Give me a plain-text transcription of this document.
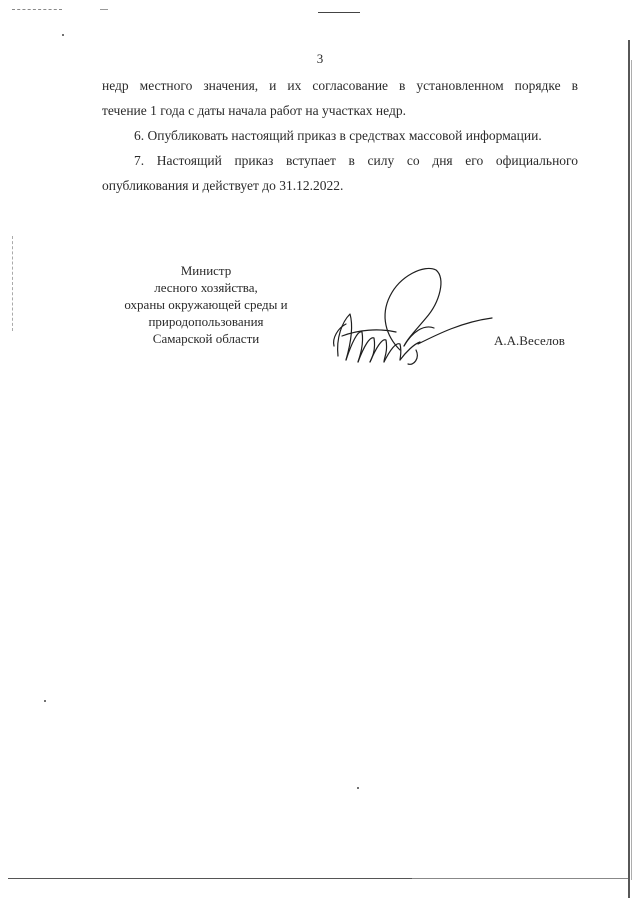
3
недр местного значения, и их согласование в установленном порядке в
течение 1 года с даты начала работ на участках недр.
6. Опубликовать настоящий приказ в средствах массовой информации.
7. Настоящий приказ вступает в силу со дня его официального
опубликования и действует до 31.12.2022.
Министр
лесного хозяйства,
охраны окружающей среды и
природопользования
Самарской области	А.А.Веселов
